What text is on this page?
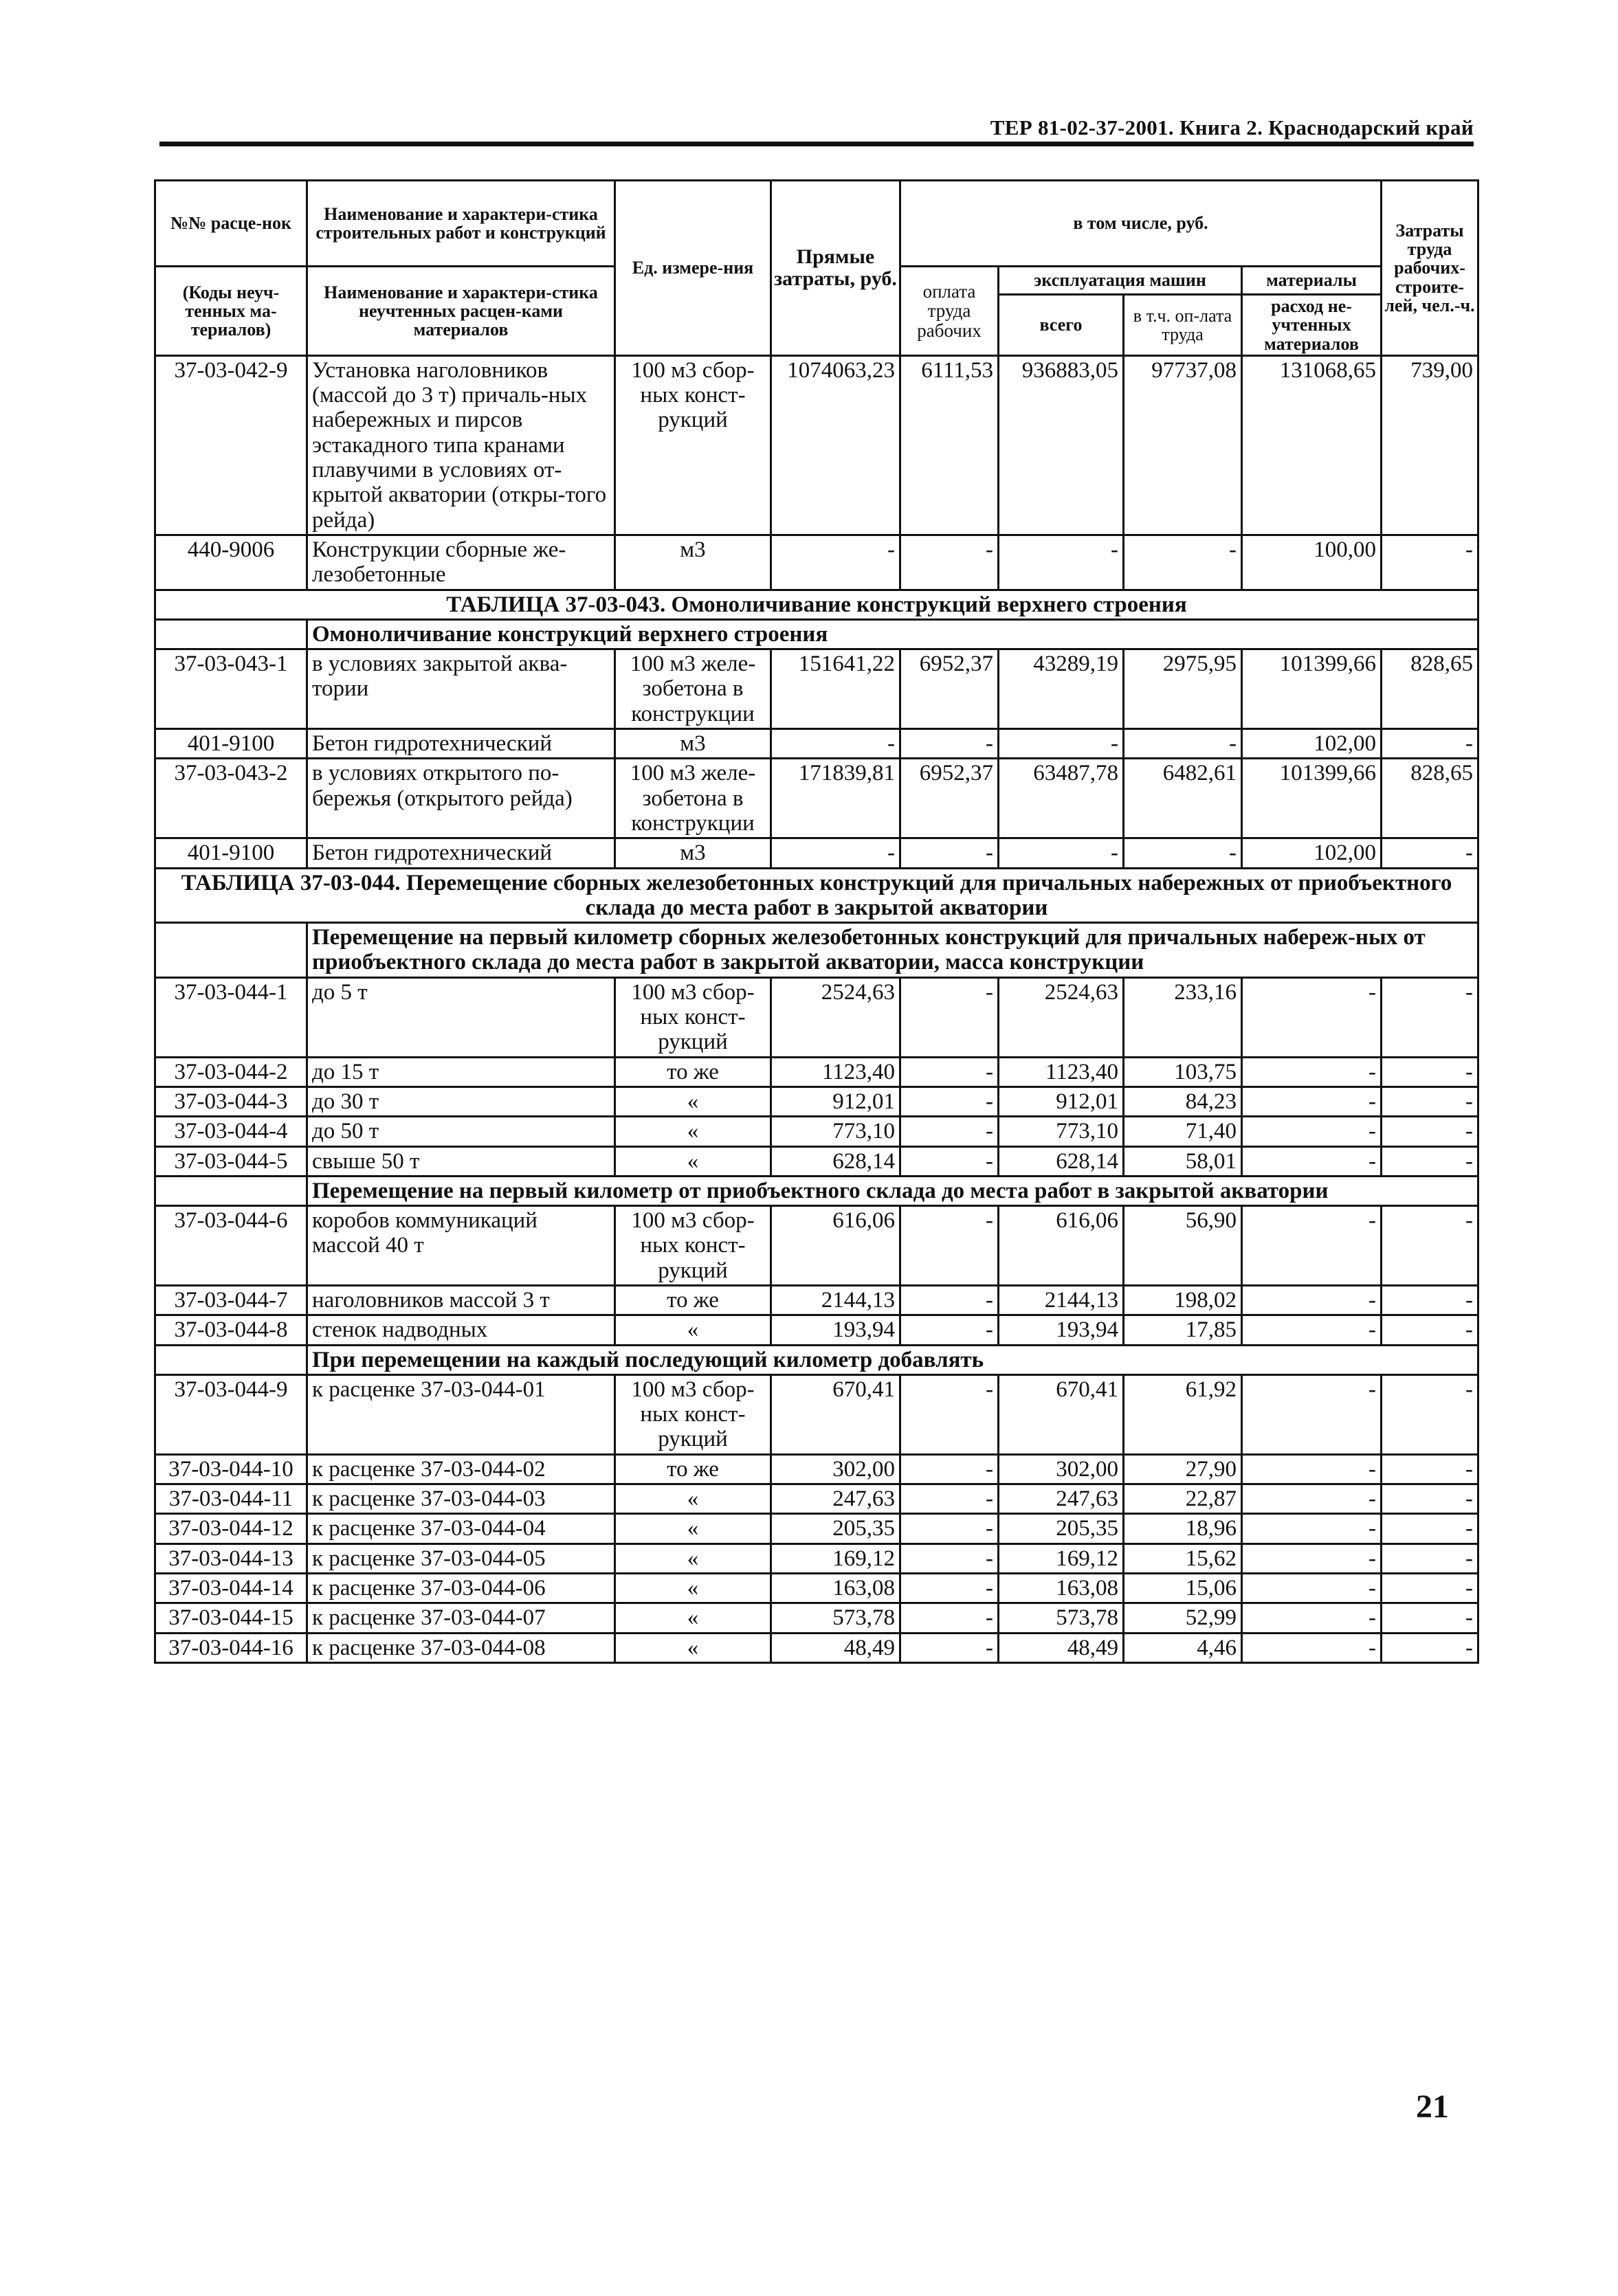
ТЕР 81-02-37-2001. Книга 2. Краснодарский край
№№ расце-нок	Наименование и характери-стика строительных работ и конструкций	Ед. измере-ния	Прямые затраты, руб.	в том числе, руб.				Затраты труда рабочих-строите-лей, чел.-ч.	
(Коды неуч-тенных ма-териалов)	Наименование и характери-стика неучтенных расцен-ками материалов			оплата труда рабочих	эксплуатация машин		материалы		
					всего	в т.ч. оп-лата труда	расход не-учтенных материалов		

37-03-042-9	Установка наголовников (массой до 3 т) причаль-ных набережных и пирсов эстакадного типа кранами плавучими в условиях от-крытой акватории (откры-того рейда)	100 м3 сбор-ных конст-рукций	1074063,23	6111,53	936883,05	97737,08	131068,65	739,00	
440-9006	Конструкции сборные же-лезобетонные	м3	-	-	-	-	100,00	-	
ТАБЛИЦА 37-03-043. Омоноличивание конструкций верхнего строения									
	Омоноличивание конструкций верхнего строения								
37-03-043-1	в условиях закрытой аква-тории	100 м3 желе-зобетона в конструкции	151641,22	6952,37	43289,19	2975,95	101399,66	828,65	
401-9100	Бетон гидротехнический	м3	-	-	-	-	102,00	-	
37-03-043-2	в условиях открытого по-бережья (открытого рейда)	100 м3 желе-зобетона в конструкции	171839,81	6952,37	63487,78	6482,61	101399,66	828,65	
401-9100	Бетон гидротехнический	м3	-	-	-	-	102,00	-	
ТАБЛИЦА 37-03-044. Перемещение сборных железобетонных конструкций для причальных набережных от приобъектного склада до места работ в закрытой акватории									
	Перемещение на первый километр сборных железобетонных конструкций для причальных набереж-ных от приобъектного склада до места работ в закрытой акватории, масса конструкции								
37-03-044-1	до 5 т	100 м3 сбор-ных конст-рукций	2524,63	-	2524,63	233,16	-	-	
37-03-044-2	до 15 т	то же	1123,40	-	1123,40	103,75	-	-	
37-03-044-3	до 30 т	«	912,01	-	912,01	84,23	-	-	
37-03-044-4	до 50 т	«	773,10	-	773,10	71,40	-	-	
37-03-044-5	свыше 50 т	«	628,14	-	628,14	58,01	-	-	
	Перемещение на первый километр от приобъектного склада до места работ в закрытой акватории								
37-03-044-6	коробов коммуникаций массой 40 т	100 м3 сбор-ных конст-рукций	616,06	-	616,06	56,90	-	-	
37-03-044-7	наголовников массой 3 т	то же	2144,13	-	2144,13	198,02	-	-	
37-03-044-8	стенок надводных	«	193,94	-	193,94	17,85	-	-	
	При перемещении на каждый последующий километр добавлять								
37-03-044-9	к расценке 37-03-044-01	100 м3 сбор-ных конст-рукций	670,41	-	670,41	61,92	-	-	
37-03-044-10	к расценке 37-03-044-02	то же	302,00	-	302,00	27,90	-	-	
37-03-044-11	к расценке 37-03-044-03	«	247,63	-	247,63	22,87	-	-	
37-03-044-12	к расценке 37-03-044-04	«	205,35	-	205,35	18,96	-	-	
37-03-044-13	к расценке 37-03-044-05	«	169,12	-	169,12	15,62	-	-	
37-03-044-14	к расценке 37-03-044-06	«	163,08	-	163,08	15,06	-	-	
37-03-044-15	к расценке 37-03-044-07	«	573,78	-	573,78	52,99	-	-	
37-03-044-16	к расценке 37-03-044-08	«	48,49	-	48,49	4,46	-	-	
21
